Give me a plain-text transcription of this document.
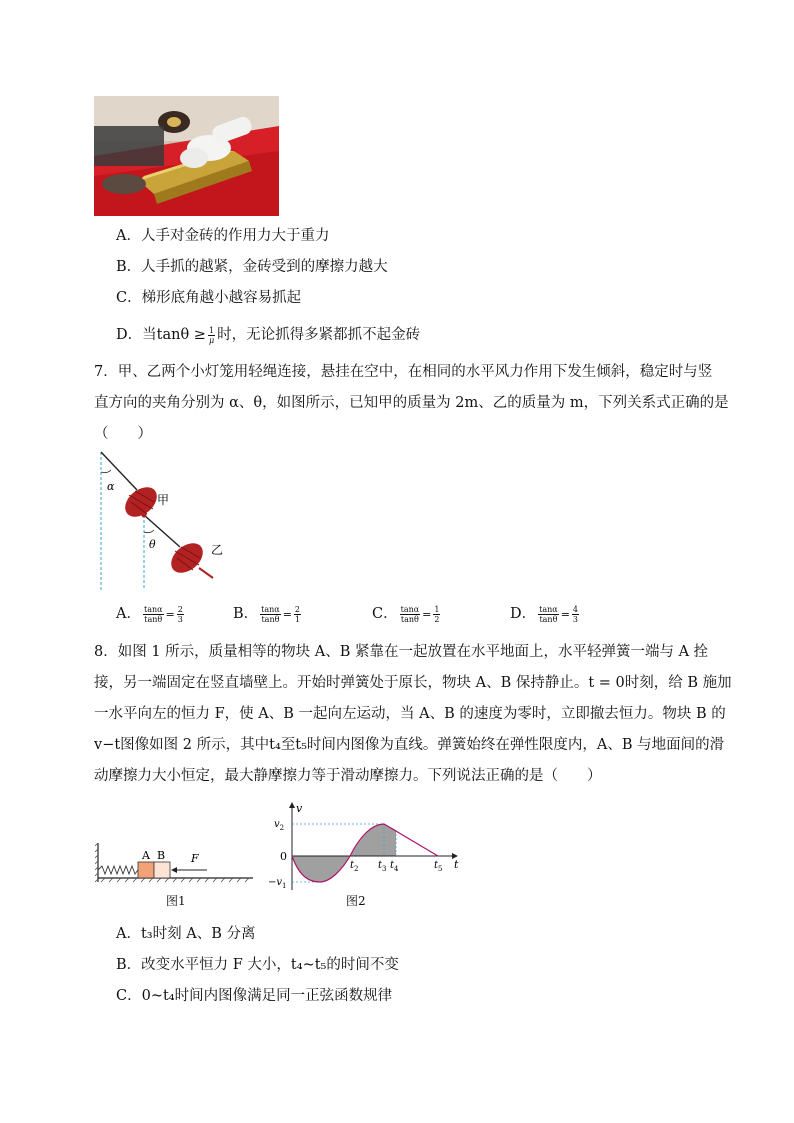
A．人手对金砖的作用力大于重力
B．人手抓的越紧，金砖受到的摩擦力越大
C．梯形底角越小越容易抓起
D．当$\tan\theta \ge \frac{1}{\mu}$ 时，无论抓得多紧都抓不起金砖
7．甲、乙两个小灯笼用轻绳连接，悬挂在空中，在相同的水平风力作用下发生倾斜，稳定时与竖
直方向的夹角分别为 α、θ，如图所示，已知甲的质量为 2m、乙的质量为 m，下列关系式正确的是
（　　）
α
θ
甲
乙
A． $\frac{\tan\alpha}{\tan\theta} = \frac{2}{3}$	B． $\frac{\tan\alpha}{\tan\theta} = \frac{2}{1}$	C． $\frac{\tan\alpha}{\tan\theta} = \frac{1}{2}$	D． $\frac{\tan\alpha}{\tan\theta} = \frac{4}{3}$
8．如图 1 所示，质量相等的物块 A、B 紧靠在一起放置在水平地面上，水平轻弹簧一端与 A 拴
接，另一端固定在竖直墙壁上。开始时弹簧处于原长，物块 A、B 保持静止。t = 0时刻，给 B 施加
一水平向左的恒力 F，使 A、B 一起向左运动，当 A、B 的速度为零时，立即撤去恒力。物块 B 的
v−t图像如图 2 所示，其中t₄至t₅时间内图像为直线。弹簧始终在弹性限度内，A、B 与地面间的滑
动摩擦力大小恒定，最大静摩擦力等于滑动摩擦力。下列说法正确的是（　　）
A B F
图1
v
t
$v_2$
0
$-v_1$
$t_2$ $t_3$ $t_4$	$t_5$
图2
A．t₃时刻 A、B 分离
B．改变水平恒力 F 大小，t₄~t₅的时间不变
C．0~t₄时间内图像满足同一正弦函数规律
